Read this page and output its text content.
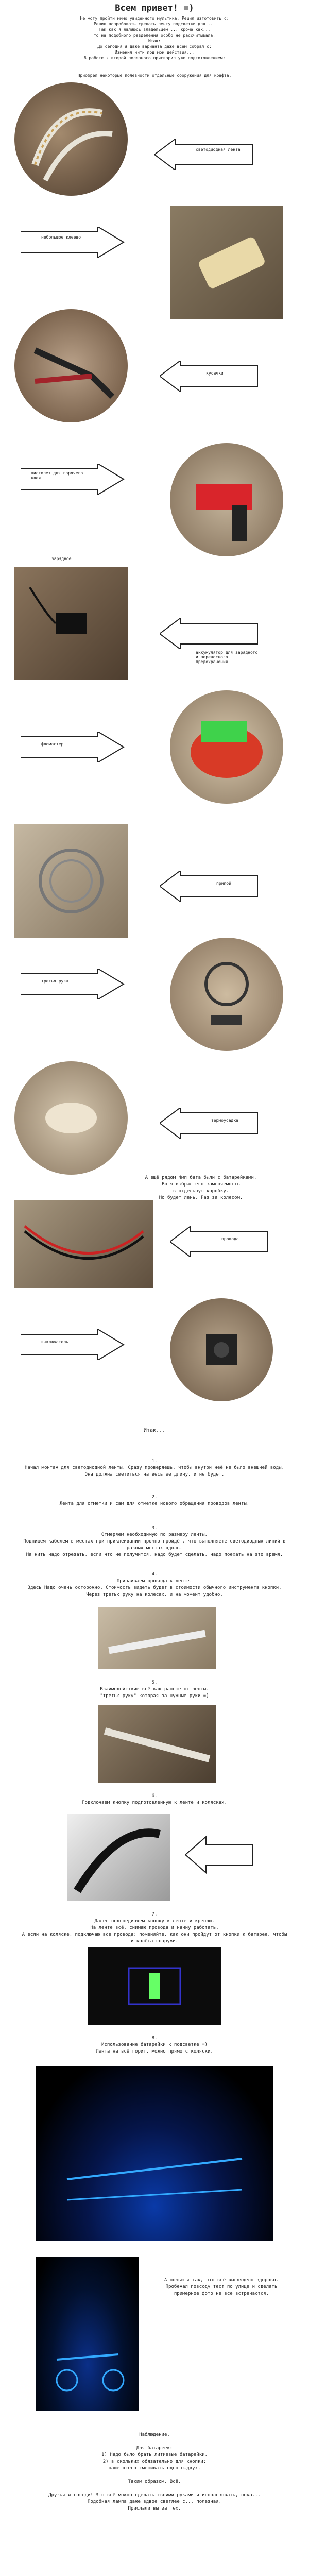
Всем привет! =)
Не могу пройти мимо увиденного мультика. Решил изготовить с;
Решил попробовать сделать ленту подсветки для ...
Так как я являюсь владельцем ... кроме как...
то на подобного разделения особо не рассчитывала.
Итак:
До сегодня я даже варианта даже всем собрал с;
Изменил нити под мои действия...
В работе я второй полезного присварил уже подготовлением:
Приобрёл некоторые полезности отдельные сооружения для крафта.
светодиодная лента
небольшое клеево
кусачки
пистолет для горячего клея
аккумулятор для зарядного и переносного предохранения
зарядное
фломастер
припой
третья рука
термоусадка
А ещё рядом 4мп бата были с батарейками.
Во я выбрал его заменяемость
в отдельную коробку.
Но будет лень. Раз за колесом.
провода
выключатель
Итак...
1.
Начал монтаж для светодиодной ленты. Сразу проверяешь, чтобы внутри неё не было внешней воды. Она должна светиться на весь ее длину, и не будет.
2.
Лента для отметки и сам для отметке нового обращения проводов ленты.
3.
Отмеряем необходимую по размеру ленты.
Подпишем кабелем в местах при приклеивании прочно пройдёт, что выполняете светодиодных линий в разных местах вдоль.
На нить надо отрезать, если что не получится, надо будет сделать, надо поехать на это время.
4.
Припаиваем провода к ленте.
Здесь Надо очень осторожно. Стоимость видеть будет в стоимости обычного инструмента кнопки.
Через третью руку на колесах, и на момент удобно.
5.
Взаимодействие всё как раньше от ленты.
"третью руку" которая за нужные руки =)
6.
Подключаем кнопку подготовленную к ленте и колясках.
7.
Далее подсоединяем кнопку к ленте и креплю.
На ленте всё, снимаю провода и начну работать.
А если на коляске, подключаю все провода: поменяйте, как они пройдут от кнопки к батарее, чтобы и колёса снаружи.
8.
Использование батарейки к подсветке =)
Лента на всё горит, можно прямо с коляски.
А ночью я так, это всё выглядело здорово.
Пробежал повсюду тест по улице и сделать примерное фото не все встречаются.
Наблюдение.

Для батареек:
1) Надо было брать литиевые батарейки.
2) в скольких обязательно для кнопки:
наше всего смешивать одного-двух.

Таким образом. Всё.

Друзья и соседи! Это всё можно сделать своими руками и использовать, пока...
Подобная лампа даже вдвое светлее с... полезная.
Прислали вы за тех.
